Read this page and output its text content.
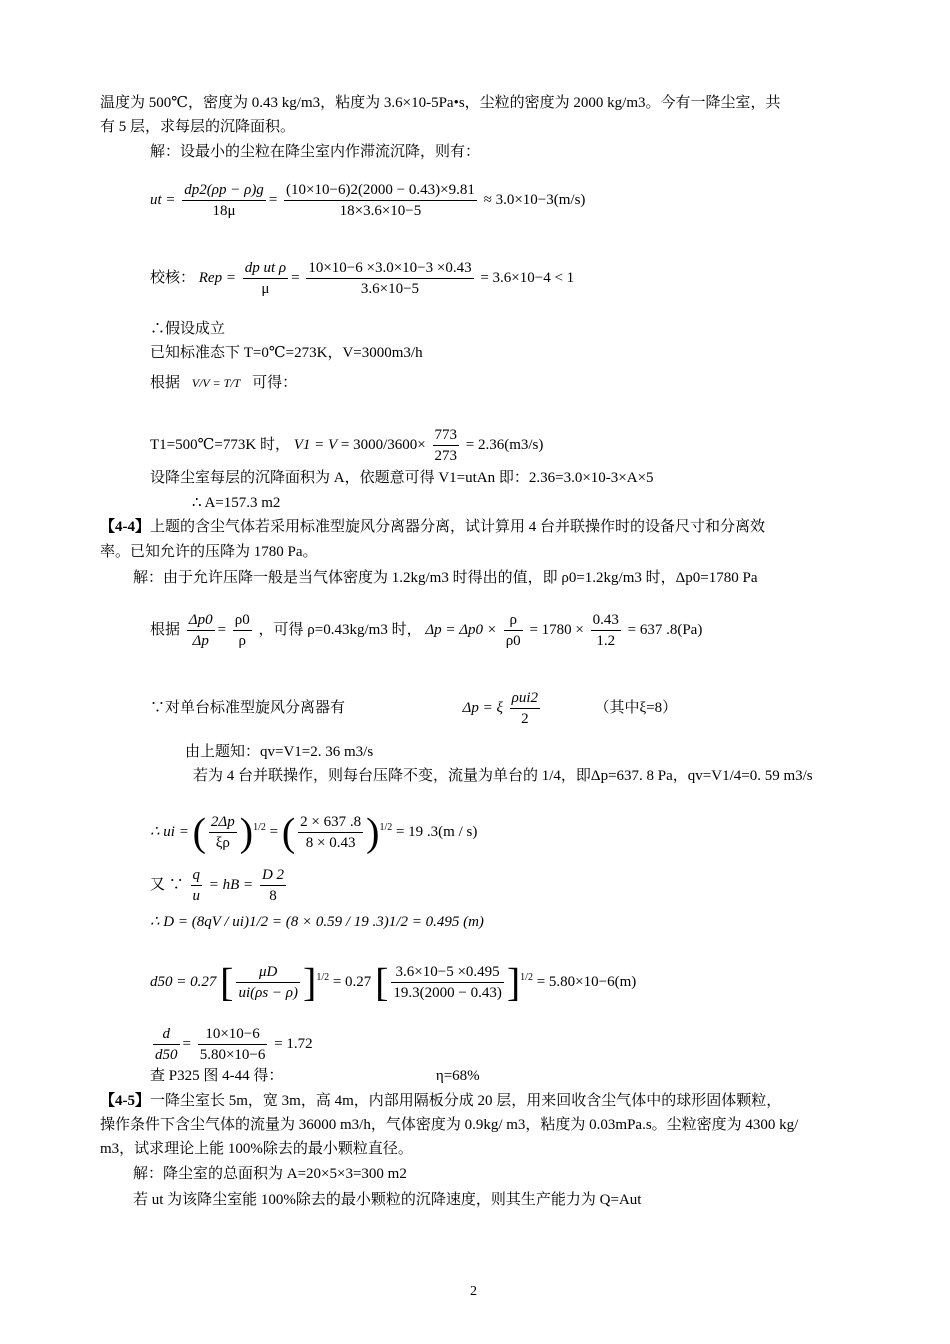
温度为 500℃，密度为 0.43 kg/m3，粘度为 3.6×10-5Pa•s，尘粒的密度为 2000 kg/m3。今有一降尘室，共
有 5 层，求每层的沉降面积。
解：设最小的尘粒在降尘室内作滞流沉降，则有：
ut = $\frac{dp2(\rho p - \rho)g}{18\mu} = \frac{(10\times 10-6)2(2000 - 0.43)\times 9.81}{18\times 3.6\times 10-5} \approx 3.0\times 10-3(m/s)$
校核： Rep = $\frac{\text{dp ut ρ}}{\mu} = \frac{10\times 10-6 \times 3.0\times 10-3 \times 0.43}{3.6\times 10-5} = 3.6\times 10-4 < 1$
∴假设成立
已知标准态下 T=0℃=273K，V=3000m3/h
根据 V/V = T/T 可得：
T1=500℃=773K 时， $V1 = V = 3000/3600\times \frac{773}{273} = 2.36(m3/s)$
设降尘室每层的沉降面积为 A，依题意可得 V1=utAn 即：2.36=3.0×10-3×A×5
∴ A=157.3 m2
【4-4】上题的含尘气体若采用标准型旋风分离器分离，试计算用 4 台并联操作时的设备尺寸和分离效
率。已知允许的压降为 1780 Pa。
解：由于允许压降一般是当气体密度为 1.2kg/m3 时得出的值，即 ρ0=1.2kg/m3 时，Δp0=1780 Pa
根据 $\frac{\Delta p0}{\Delta p} = \frac{\rho 0}{\rho}$ ，可得 ρ=0.43kg/m3 时， $\Delta p = \Delta p0 \times \frac{\rho}{\rho 0} = 1780 \times \frac{0.43}{1.2} = 637$ .8(Pa)
∵对单台标准型旋风分离器有	Δp = ξ $\frac{\text{ρui2}}{2}$	（其中ξ=8）
由上题知：qv=V1=2. 36 m3/s
若为 4 台并联操作，则每台压降不变，流量为单台的 1/4，即Δp=637. 8 Pa，qv=V1/4=0. 59 m3/s
∴ ui = ( $\frac{2\Delta p}{\xi\rho} )^{1/2}$ = ( $\frac{2 \times 637 .8}{8 \times 0.43} )^{1/2} = 19$ .3(m / s)
又 ∵ $\frac{q}{u}$ = hB = $\frac{D 2}{8}$
∴ D = (8qV / ui)1/2 = (8 × 0.59 / 19 .3)1/2 = 0.495 (m)
d50 = 0.27 [ $\frac{\mu D}{ui(\rho s - \rho)} ]^{1/2} = 0.27$ [ $\frac{3.6\times 10-5 \times 0.495}{19.3(2000 - 0.43)} ]^{1/2} = 5.80\times 10-6(m)$
$\frac{d}{d50} = \frac{10\times 10-6}{5.80\times 10-6} = 1.72$
查 P325 图 4-44 得：	η=68%
【4-5】一降尘室长 5m，宽 3m，高 4m，内部用隔板分成 20 层，用来回收含尘气体中的球形固体颗粒，
操作条件下含尘气体的流量为 36000 m3/h，气体密度为 0.9kg/ m3，粘度为 0.03mPa.s。尘粒密度为 4300 kg/
m3，试求理论上能 100%除去的最小颗粒直径。
解：降尘室的总面积为 A=20×5×3=300 m2
若 ut 为该降尘室能 100%除去的最小颗粒的沉降速度，则其生产能力为 Q=Aut
2
